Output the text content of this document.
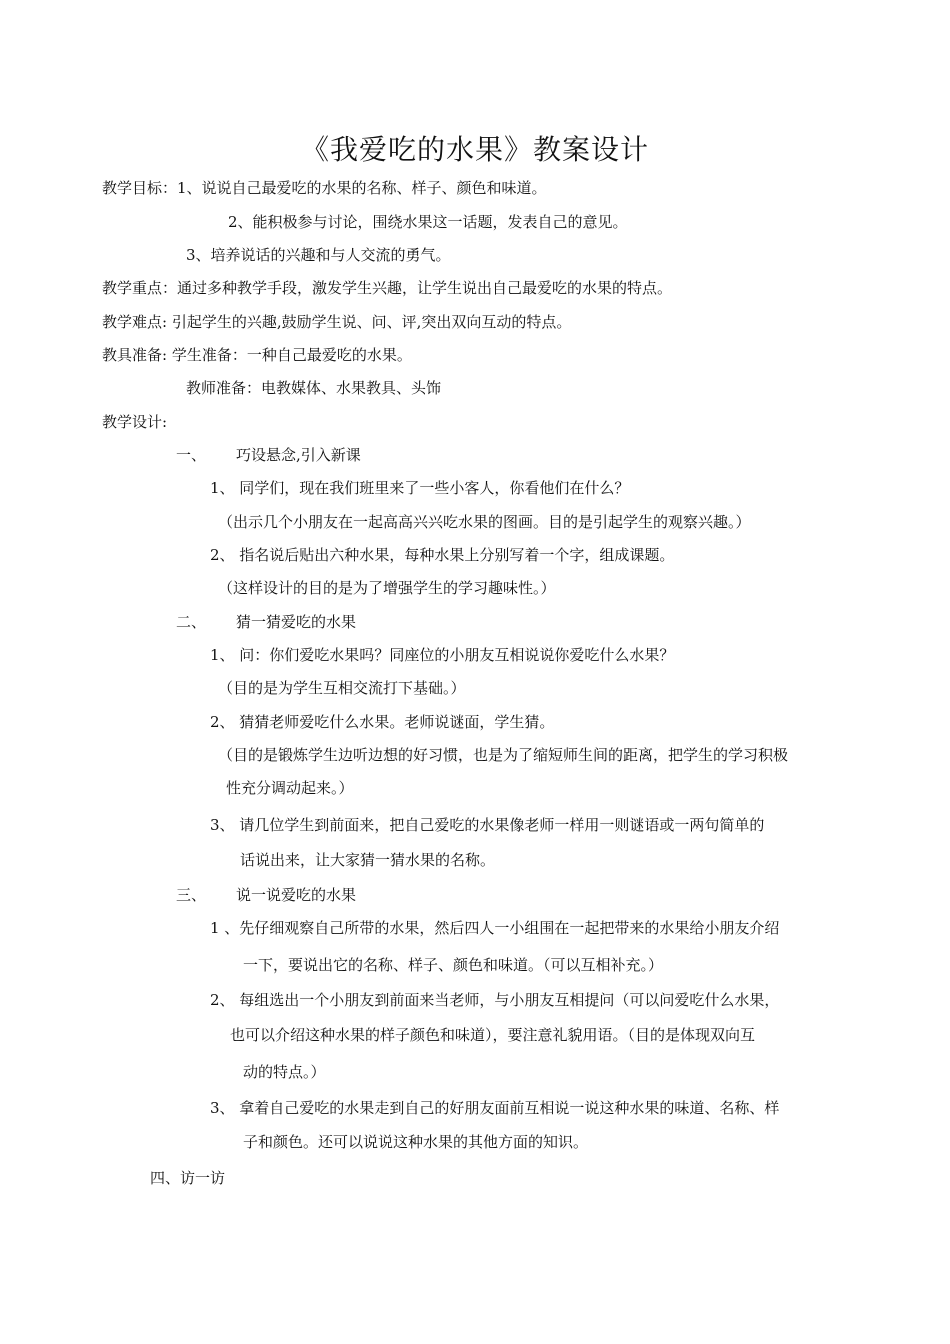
《我爱吃的水果》教案设计
教学目标：1、说说自己最爱吃的水果的名称、样子、颜色和味道。
2、能积极参与讨论，围绕水果这一话题，发表自己的意见。
3、培养说话的兴趣和与人交流的勇气。
教学重点：通过多种教学手段，激发学生兴趣，让学生说出自己最爱吃的水果的特点。
教学难点: 引起学生的兴趣,鼓励学生说、问、评,突出双向互动的特点。
教具准备: 学生准备：一种自己最爱吃的水果。
教师准备：电教媒体、水果教具、头饰
教学设计:
一、 巧设悬念,引入新课
1、 同学们，现在我们班里来了一些小客人，你看他们在什么？
（出示几个小朋友在一起高高兴兴吃水果的图画。目的是引起学生的观察兴趣。）
2、 指名说后贴出六种水果，每种水果上分别写着一个字，组成课题。
（这样设计的目的是为了增强学生的学习趣味性。）
二、 猜一猜爱吃的水果
1、 问：你们爱吃水果吗？同座位的小朋友互相说说你爱吃什么水果？
（目的是为学生互相交流打下基础。）
2、 猜猜老师爱吃什么水果。老师说谜面，学生猜。
（目的是锻炼学生边听边想的好习惯，也是为了缩短师生间的距离，把学生的学习积极
性充分调动起来。）
3、 请几位学生到前面来，把自己爱吃的水果像老师一样用一则谜语或一两句简单的
话说出来，让大家猜一猜水果的名称。
三、 说一说爱吃的水果
1 、先仔细观察自己所带的水果，然后四人一小组围在一起把带来的水果给小朋友介绍
一下，要说出它的名称、样子、颜色和味道。（可以互相补充。）
2、 每组选出一个小朋友到前面来当老师，与小朋友互相提问（可以问爱吃什么水果，
也可以介绍这种水果的样子颜色和味道），要注意礼貌用语。（目的是体现双向互
动的特点。）
3、 拿着自己爱吃的水果走到自己的好朋友面前互相说一说这种水果的味道、名称、样
子和颜色。还可以说说这种水果的其他方面的知识。
四、访一访
